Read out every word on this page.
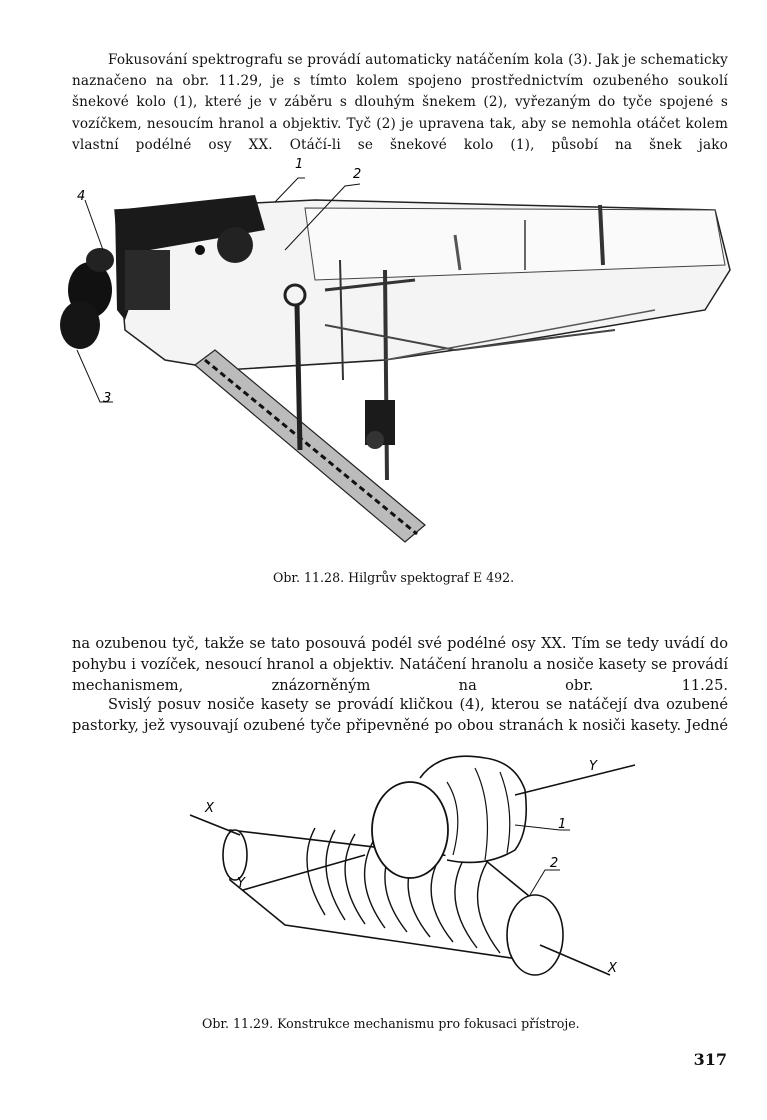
Fokusování spektrografu se provádí automaticky natáčením kola (3). Jak je schematicky naznačeno na obr. 11.29, je s tímto kolem spojeno prostřednictvím ozubeného soukolí šnekové kolo (1), které je v záběru s dlouhým šnekem (2), vyřezaným do tyče spojené s vozíčkem, nesoucím hranol a objektiv. Tyč (2) je upravena tak, aby se nemohla otáčet kolem vlastní podélné osy XX. Otáčí-li se šnekové kolo (1), působí na šnek jako

1
2
4
3
Obr. 11.28. Hilgrův spektograf E 492.

na ozubenou tyč, takže se tato posouvá podél své podélné osy XX. Tím se tedy uvádí do pohybu i vozíček, nesoucí hranol a objektiv. Natáčení hranolu a nosiče kasety se provádí mechanismem, znázorněným na obr. 11.25.

Svislý posuv nosiče kasety se provádí kličkou (4), kterou se natáčejí dva ozubené pastorky, jež vysouvají ozubené tyče připevněné po obou stranách k nosiči kasety. Jedné

X
X
Y
Y
1
2
Obr. 11.29. Konstrukce mechanismu pro fokusaci přístroje.
317
